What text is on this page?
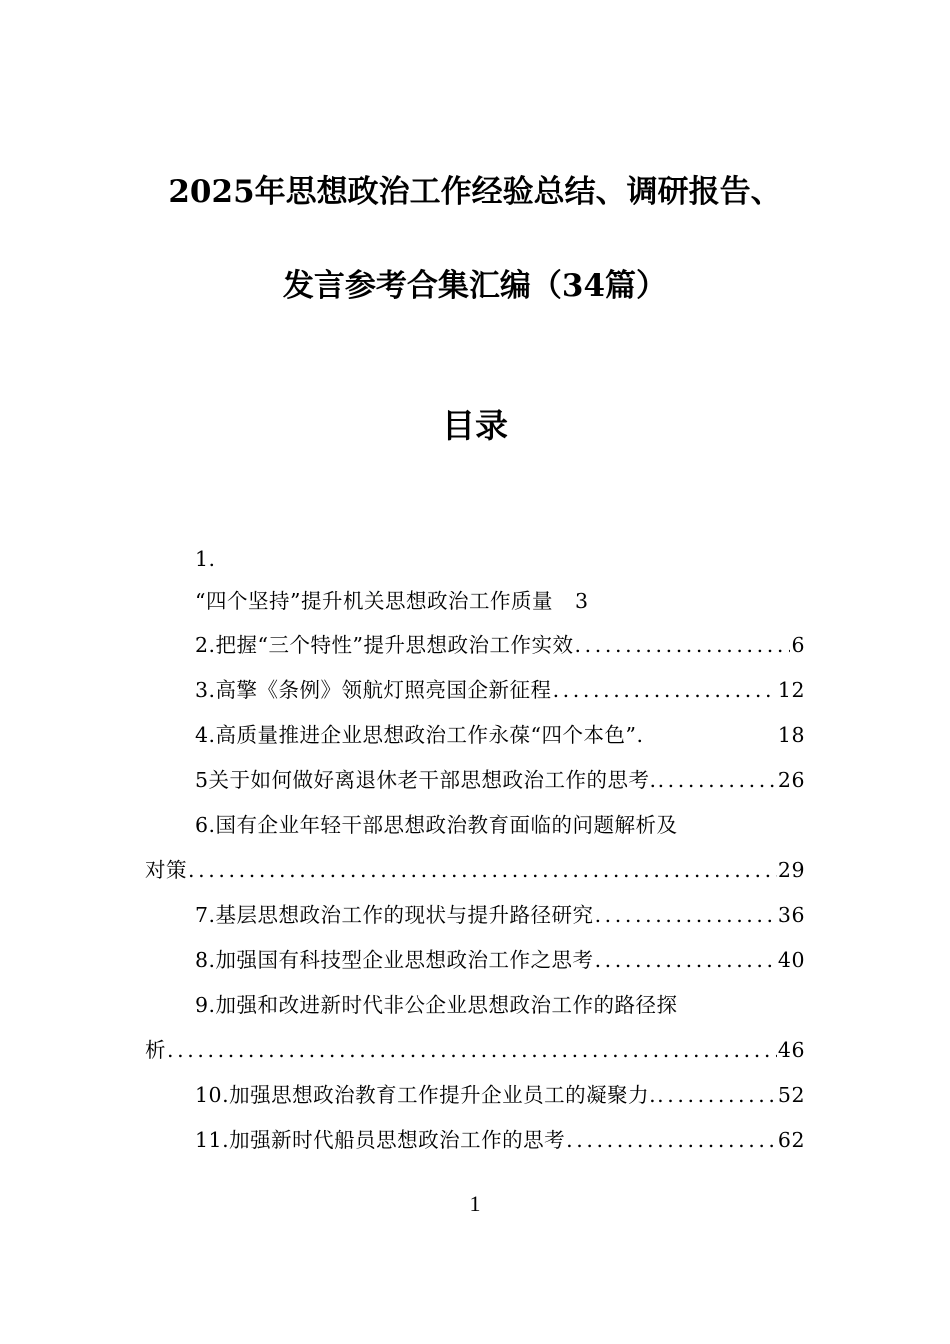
2025年思想政治工作经验总结、调研报告、
发言参考合集汇编（34篇）
目录
1.
“四个坚持”提升机关思想政治工作质量 3
2.把握“三个特性”提升思想政治工作实效 .....	6
3.高擎《条例》领航灯照亮国企新征程 .....	12
4.高质量推进企业思想政治工作永葆“四个本色”.	18
5关于如何做好离退休老干部思想政治工作的思考. .....	26
6.国有企业年轻干部思想政治教育面临的问题解析及
对策 .....	29
7.基层思想政治工作的现状与提升路径研究 .....	36
8.加强国有科技型企业思想政治工作之思考 .....	40
9.加强和改进新时代非公企业思想政治工作的路径探
析 .....	46
10.加强思想政治教育工作提升企业员工的凝聚力. .....	52
11.加强新时代船员思想政治工作的思考 .....	62
1
